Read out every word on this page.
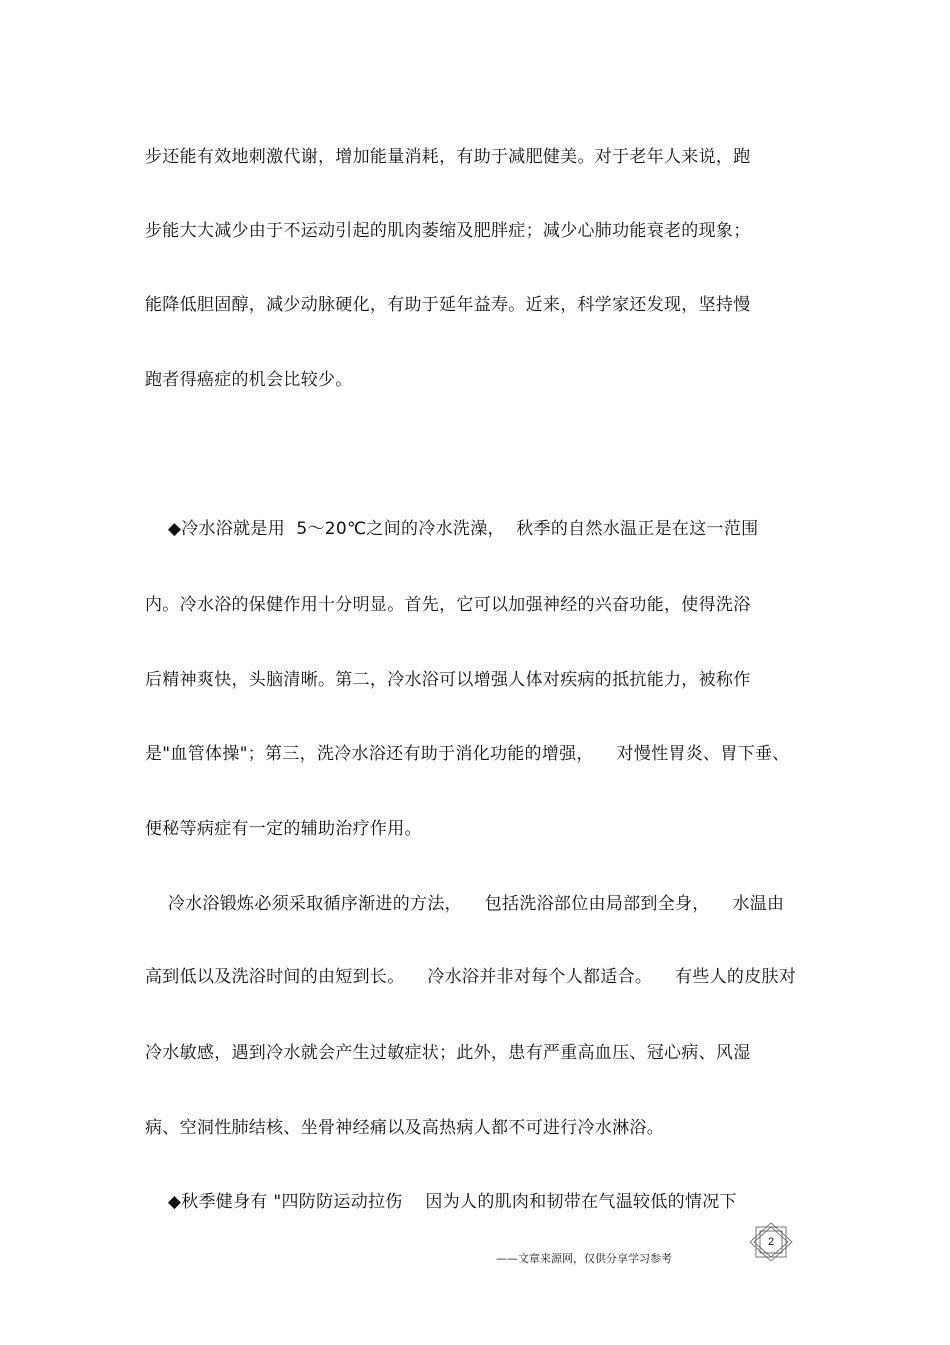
步还能有效地刺激代谢，增加能量消耗，有助于减肥健美。对于老年人来说，跑
步能大大减少由于不运动引起的肌肉萎缩及肥胖症；减少心肺功能衰老的现象；
能降低胆固醇，减少动脉硬化，有助于延年益寿。近来，科学家还发现，坚持慢
跑者得癌症的机会比较少。
◆冷水浴就是用  5～20℃之间的冷水洗澡，  秋季的自然水温正是在这一范围
内。冷水浴的保健作用十分明显。首先，它可以加强神经的兴奋功能，使得洗浴
后精神爽快，头脑清晰。第二，冷水浴可以增强人体对疾病的抵抗能力，被称作
是"血管体操"；第三，洗冷水浴还有助于消化功能的增强，    对慢性胃炎、胃下垂、
便秘等病症有一定的辅助治疗作用。
冷水浴锻炼必须采取循序渐进的方法，    包括洗浴部位由局部到全身，    水温由
高到低以及洗浴时间的由短到长。    冷水浴并非对每个人都适合。    有些人的皮肤对
冷水敏感，遇到冷水就会产生过敏症状；此外，患有严重高血压、冠心病、风湿
病、空洞性肺结核、坐骨神经痛以及高热病人都不可进行冷水淋浴。
◆秋季健身有 "四防防运动拉伤    因为人的肌肉和韧带在气温较低的情况下
——文章来源网，仅供分享学习参考
2
